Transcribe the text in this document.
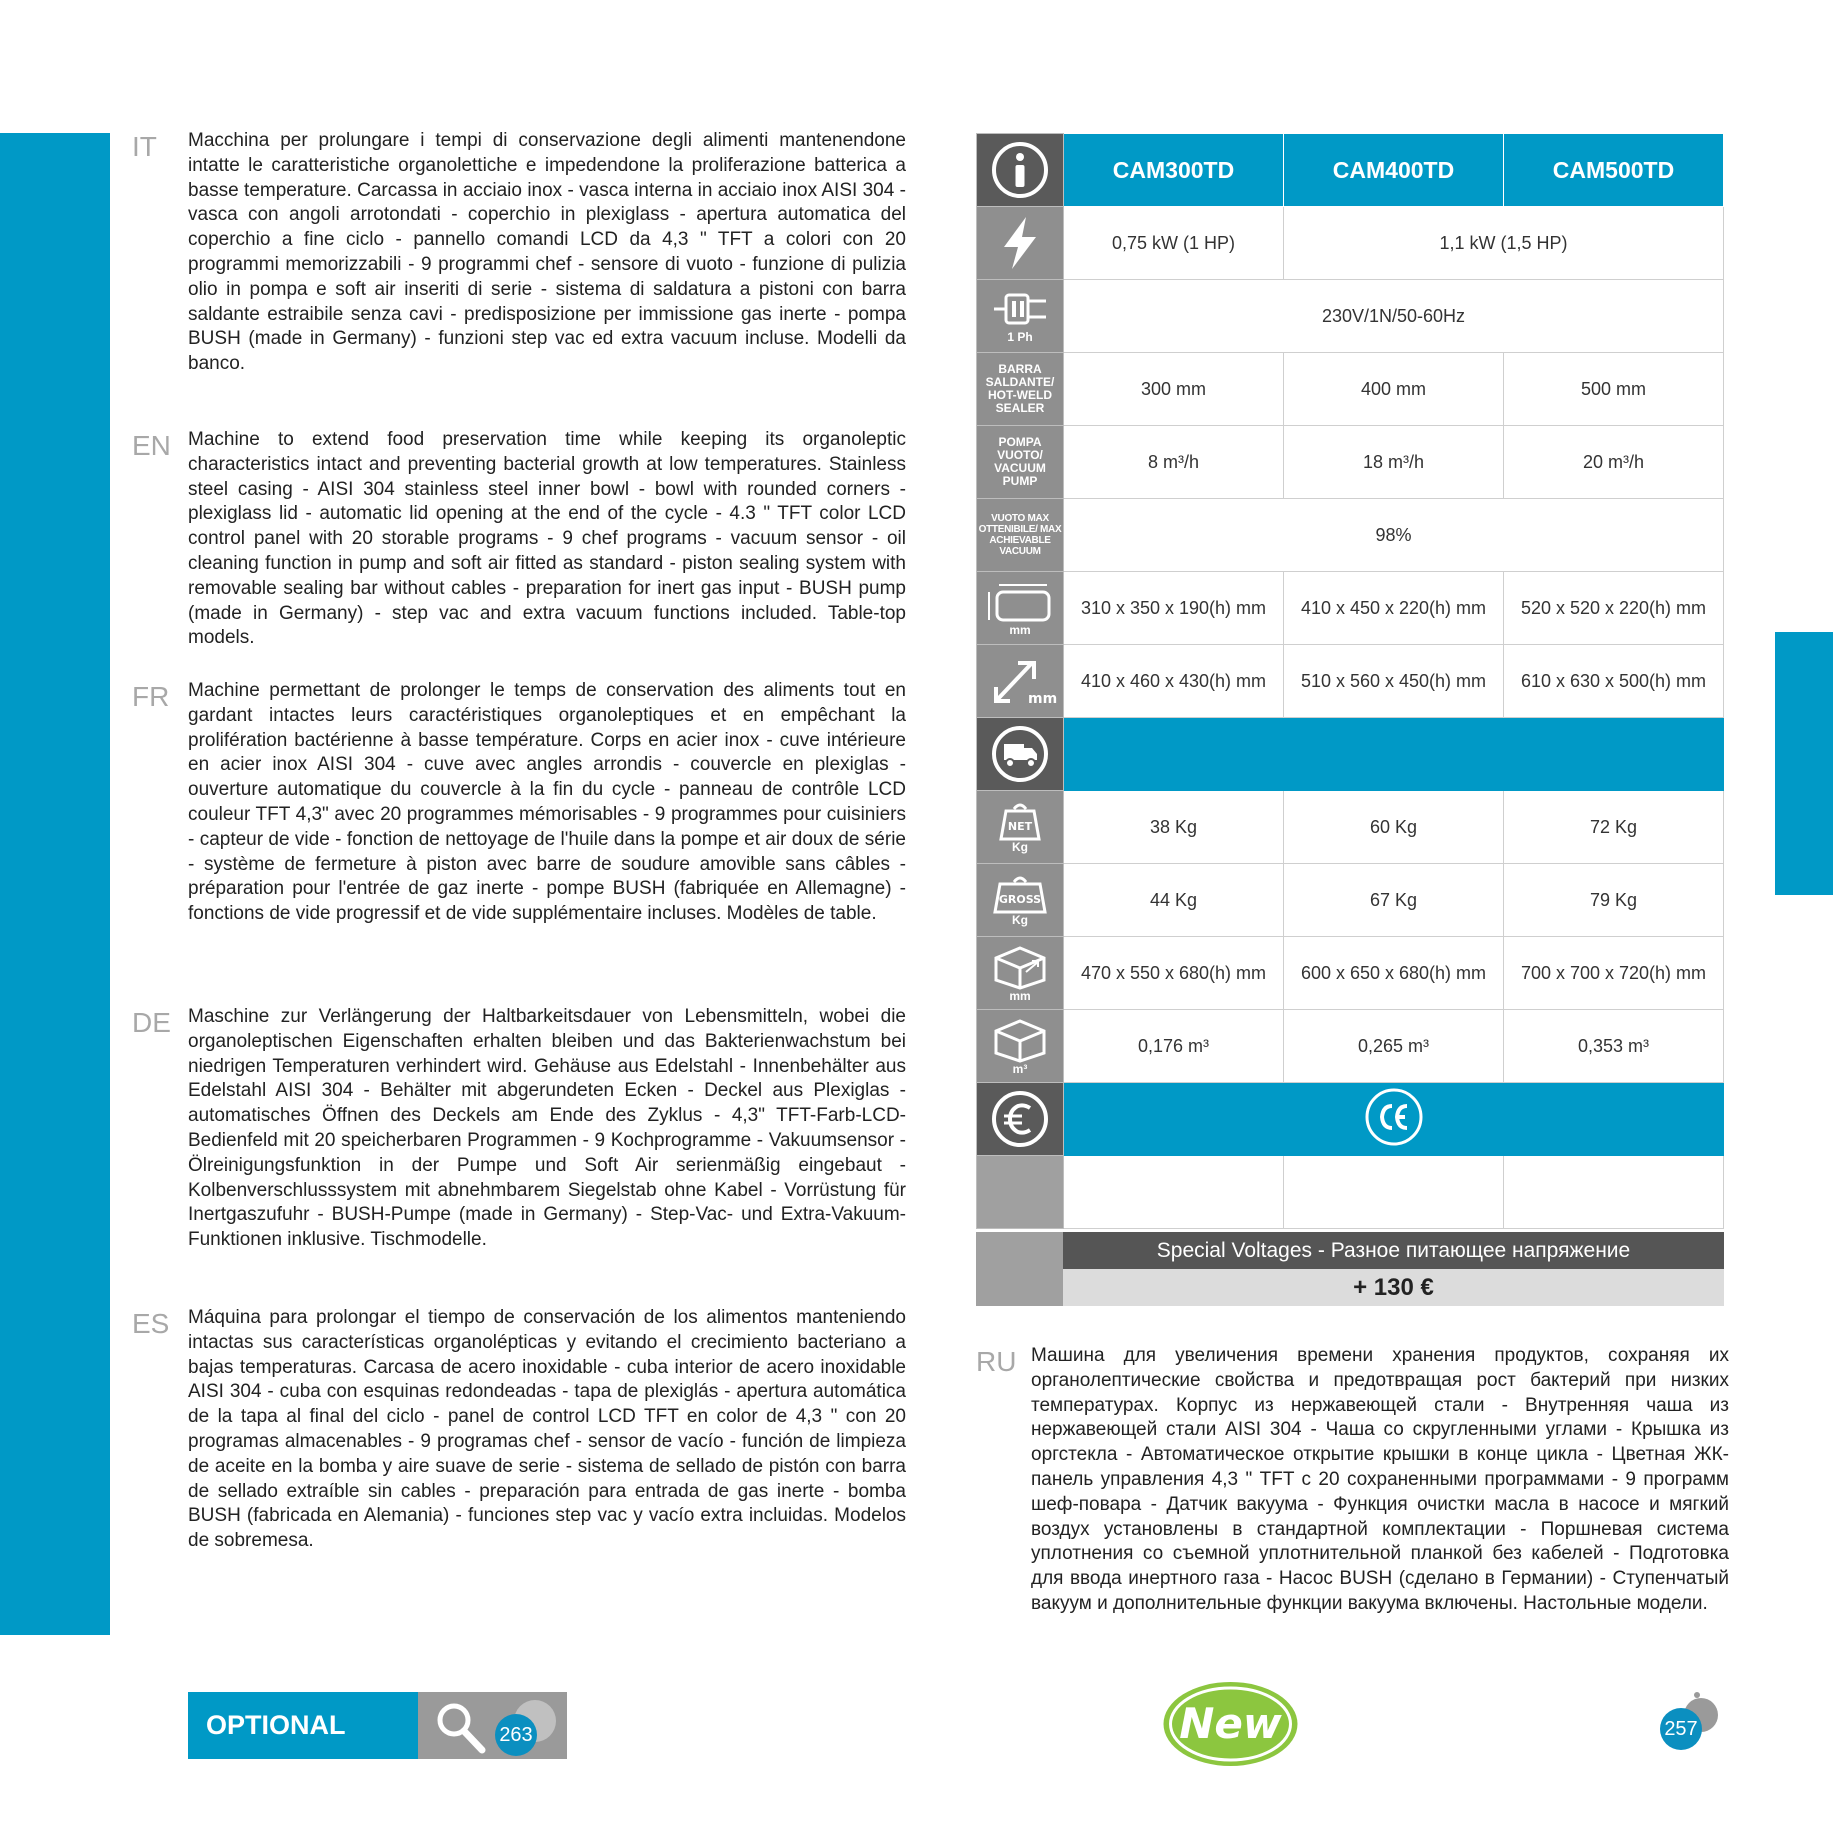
IT Macchina per prolungare i tempi di conservazione degli alimenti mantenendone intatte le caratteristiche organolettiche e impedendone la proliferazione batterica a basse temperature. Carcassa in acciaio inox - vasca interna in acciaio inox AISI 304 - vasca con angoli arrotondati - coperchio in plexiglass - apertura automatica del coperchio a fine ciclo - pannello comandi LCD da 4,3 " TFT a colori con 20 programmi memorizzabili - 9 programmi chef - sensore di vuoto - funzione di pulizia olio in pompa e soft air inseriti di serie - sistema di saldatura a pistoni con barra saldante estraibile senza cavi - predisposizione per immissione gas inerte - pompa BUSH (made in Germany) - funzioni step vac ed extra vacuum incluse. Modelli da banco.
EN Machine to extend food preservation time while keeping its organoleptic characteristics intact and preventing bacterial growth at low temperatures. Stainless steel casing - AISI 304 stainless steel inner bowl - bowl with rounded corners - plexiglass lid - automatic lid opening at the end of the cycle - 4.3 " TFT color LCD control panel with 20 storable programs - 9 chef programs - vacuum sensor - oil cleaning function in pump and soft air fitted as standard - piston sealing system with removable sealing bar without cables - preparation for inert gas input - BUSH pump (made in Germany) - step vac and extra vacuum functions included. Table-top models.
FR Machine permettant de prolonger le temps de conservation des aliments tout en gardant intactes leurs caractéristiques organoleptiques et en empêchant la prolifération bactérienne à basse température. Corps en acier inox - cuve intérieure en acier inox AISI 304 - cuve avec angles arrondis - couvercle en plexiglas - ouverture automatique du couvercle à la fin du cycle - panneau de contrôle LCD couleur TFT 4,3" avec 20 programmes mémorisables - 9 programmes pour cuisiniers - capteur de vide - fonction de nettoyage de l'huile dans la pompe et air doux de série - système de fermeture à piston avec barre de soudure amovible sans câbles - préparation pour l'entrée de gaz inerte - pompe BUSH (fabriquée en Allemagne) - fonctions de vide progressif et de vide supplémentaire incluses. Modèles de table.
DE Maschine zur Verlängerung der Haltbarkeitsdauer von Lebensmitteln, wobei die organoleptischen Eigenschaften erhalten bleiben und das Bakterienwachstum bei niedrigen Temperaturen verhindert wird. Gehäuse aus Edelstahl - Innenbehälter aus Edelstahl AISI 304 - Behälter mit abgerundeten Ecken - Deckel aus Plexiglas - automatisches Öffnen des Deckels am Ende des Zyklus - 4,3" TFT-Farb-LCD-Bedienfeld mit 20 speicherbaren Programmen - 9 Kochprogramme - Vakuumsensor - Ölreinigungsfunktion in der Pumpe und Soft Air serienmäßig eingebaut - Kolbenverschlusssystem mit abnehmbarem Siegelstab ohne Kabel - Vorrüstung für Inertgaszufuhr - BUSH-Pumpe (made in Germany) - Step-Vac- und Extra-Vakuum-Funktionen inklusive. Tischmodelle.
ES Máquina para prolongar el tiempo de conservación de los alimentos manteniendo intactas sus características organolépticas y evitando el crecimiento bacteriano a bajas temperaturas. Carcasa de acero inoxidable - cuba interior de acero inoxidable AISI 304 - cuba con esquinas redondeadas - tapa de plexiglás - apertura automática de la tapa al final del ciclo - panel de control LCD TFT en color de 4,3 " con 20 programas almacenables - 9 programas chef - sensor de vacío - función de limpieza de aceite en la bomba y aire suave de serie - sistema de sellado de pistón con barra de sellado extraíble sin cables - preparación para entrada de gas inerte - bomba BUSH (fabricada en Alemania) - funciones step vac y vacío extra incluidas. Modelos de sobremesa.
	CAM300TD	CAM400TD	CAM500TD

	0,75 kW (1 HP)	1,1 kW (1,5 HP)	

1 Ph	230V/1N/50-60Hz		

BARRA SALDANTE/ HOT-WELD SEALER	300 mm	400 mm	500 mm

POMPA VUOTO/ VACUUM PUMP	8 m³/h	18 m³/h	20 m³/h

VUOTO MAX OTTENIBILE/ MAX ACHIEVABLE VACUUM	98%		

mm	310 x 350 x 190(h) mm	410 x 450 x 220(h) mm	520 x 520 x 220(h) mm

mm	410 x 460 x 430(h) mm	510 x 560 x 450(h) mm	610 x 630 x 500(h) mm

NET
Kg	38 Kg	60 Kg	72 Kg

GROSS
Kg	44 Kg	67 Kg	79 Kg

mm	470 x 550 x 680(h) mm	600 x 650 x 680(h) mm	700 x 700 x 720(h) mm

m³	0,176 m³	0,265 m³	0,353 m³

Special Voltages - Разное питающее напряжение
+ 130 €
RU Машина для увеличения времени хранения продуктов, сохраняя их органолептические свойства и предотвращая рост бактерий при низких температурах. Корпус из нержавеющей стали - Внутренняя чаша из нержавеющей стали AISI 304 - Чаша со скругленными углами - Крышка из оргстекла - Автоматическое открытие крышки в конце цикла - Цветная ЖК-панель управления 4,3 " TFT с 20 сохраненными программами - 9 программ шеф-повара - Датчик вакуума - Функция очистки масла в насосе и мягкий воздух установлены в стандартной комплектации - Поршневая система уплотнения со съемной уплотнительной планкой без кабелей - Подготовка для ввода инертного газа - Насос BUSH (сделано в Германии) - Ступенчатый вакуум и дополнительные функции вакуума включены. Настольные модели.
OPTIONAL	263	New	257
